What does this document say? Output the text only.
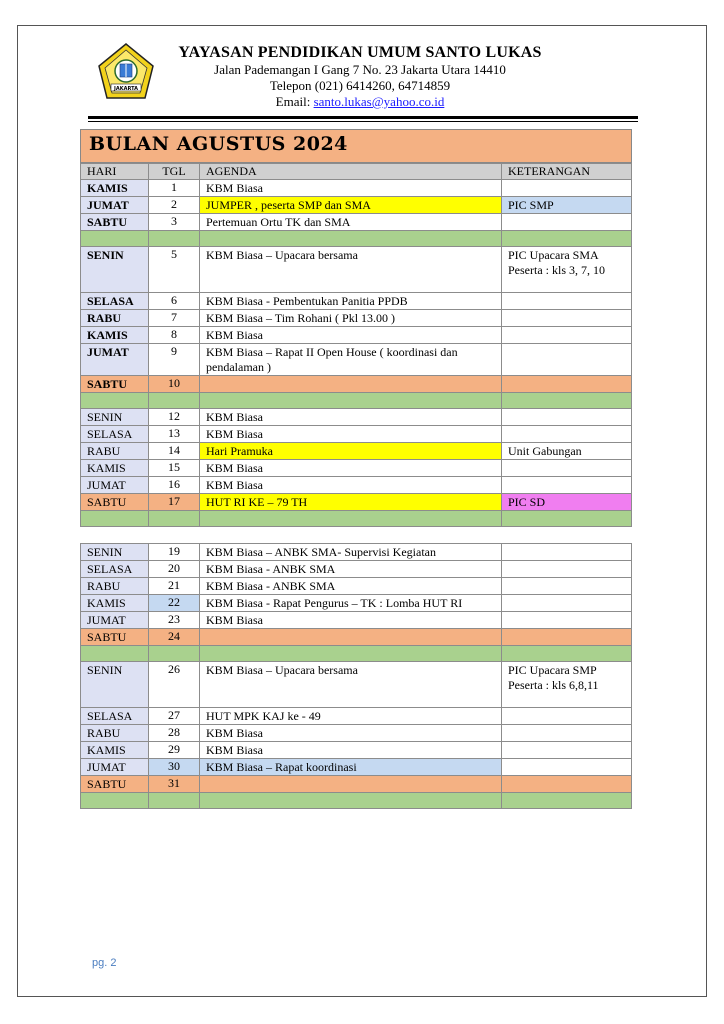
JAKARTA
YAYASAN PENDIDIKAN UMUM SANTO LUKAS
Jalan Pademangan I Gang 7 No. 23 Jakarta Utara 14410
Telepon (021) 6414260, 64714859
Email: santo.lukas@yahoo.co.id
BULAN AGUSTUS 2024
HARI	TGL	AGENDA	KETERANGAN

KAMIS	1	KBM Biasa	

JUMAT	2	JUMPER , peserta SMP dan SMA	PIC SMP

SABTU	3	Pertemuan Ortu TK dan SMA	

SENIN	5	KBM Biasa – Upacara bersama	PIC Upacara SMA
Peserta : kls 3, 7, 10

SELASA	6	KBM Biasa - Pembentukan Panitia PPDB	

RABU	7	KBM Biasa – Tim Rohani ( Pkl 13.00 )	

KAMIS	8	KBM Biasa	

JUMAT	9	KBM Biasa – Rapat II Open House ( koordinasi dan pendalaman )	

SABTU	10		

SENIN	12	KBM Biasa	

SELASA	13	KBM Biasa	

RABU	14	Hari Pramuka	Unit Gabungan

KAMIS	15	KBM Biasa	

JUMAT	16	KBM Biasa	

SABTU	17	HUT RI KE – 79 TH	PIC SD

SENIN	19	KBM Biasa – ANBK SMA- Supervisi Kegiatan	

SELASA	20	KBM Biasa - ANBK SMA	

RABU	21	KBM Biasa - ANBK SMA	

KAMIS	22	KBM Biasa - Rapat Pengurus – TK : Lomba HUT RI	

JUMAT	23	KBM Biasa	

SABTU	24		

SENIN	26	KBM Biasa – Upacara bersama	PIC Upacara SMP
Peserta : kls 6,8,11

SELASA	27	HUT MPK KAJ ke - 49	

RABU	28	KBM Biasa	

KAMIS	29	KBM Biasa	

JUMAT	30	KBM Biasa – Rapat koordinasi	

SABTU	31		

pg. 2
